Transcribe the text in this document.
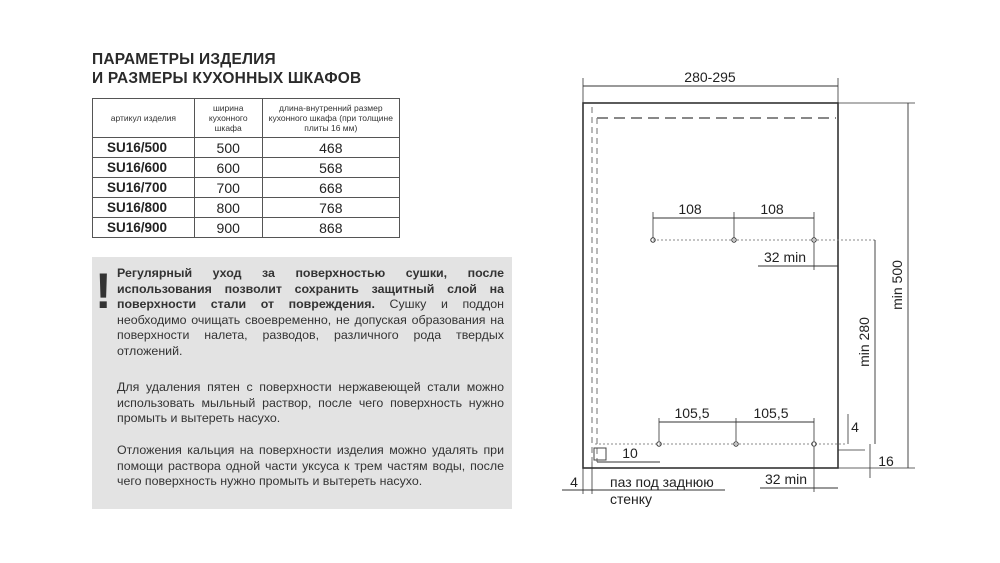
ПАРАМЕТРЫ ИЗДЕЛИЯ
И РАЗМЕРЫ КУХОННЫХ ШКАФОВ
артикул изделия	ширина кухонного шкафа	длина-внутренний размер кухонного шкафа (при толщине плиты 16 мм)
SU16/500	500	468
SU16/600	600	568
SU16/700	700	668
SU16/800	800	768
SU16/900	900	868
! Регулярный уход за поверхностью сушки, после использования позволит сохранить защитный слой на поверхности стали от повреждения. Сушку и поддон необходимо очищать своевременно, не допуская образования на поверхности налета, разводов, различного рода твердых отложений.
Для удаления пятен с поверхности нержавеющей стали можно использовать мыльный раствор, после чего поверхность нужно промыть и вытереть насухо.
Отложения кальция на поверхности изделия можно удалять при помощи раствора одной части уксуса к трем частям воды, после чего поверхность нужно промыть и вытереть насухо.
280-295
108	108
32 min
105,5	105,5
32 min
10
4 паз под заднюю
стенку
min 500
min 280
4
16
